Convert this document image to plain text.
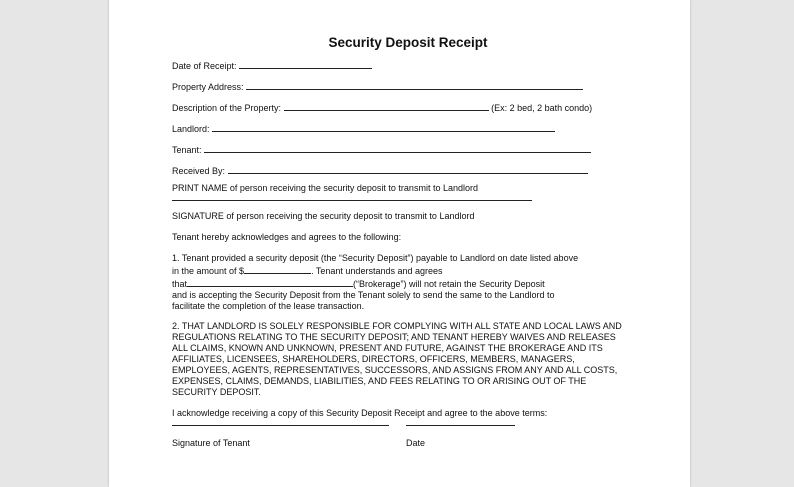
Security Deposit Receipt
Date of Receipt:
Property Address:
Description of the Property:	(Ex: 2 bed, 2 bath condo)
Landlord:
Tenant:
Received By:

PRINT NAME of person receiving the security deposit to transmit to Landlord

SIGNATURE of person receiving the security deposit to transmit to Landlord

Tenant hereby acknowledges and agrees to the following:

1. Tenant provided a security deposit (the “Security Deposit”) payable to Landlord on date listed above
in the amount of $	. Tenant understands and agrees
that	(“Brokerage”) will not retain the Security Deposit
and is accepting the Security Deposit from the Tenant solely to send the same to the Landlord to
facilitate the completion of the lease transaction.

2. THAT LANDLORD IS SOLELY RESPONSIBLE FOR COMPLYING WITH ALL STATE AND LOCAL LAWS AND REGULATIONS RELATING TO THE SECURITY DEPOSIT; AND TENANT HEREBY WAIVES AND RELEASES ALL CLAIMS, KNOWN AND UNKNOWN, PRESENT AND FUTURE, AGAINST THE BROKERAGE AND ITS AFFILIATES, LICENSEES, SHAREHOLDERS, DIRECTORS, OFFICERS, MEMBERS, MANAGERS, EMPLOYEES, AGENTS, REPRESENTATIVES, SUCCESSORS, AND ASSIGNS FROM ANY AND ALL COSTS, EXPENSES, CLAIMS, DEMANDS, LIABILITIES, AND FEES RELATING TO OR ARISING OUT OF THE SECURITY DEPOSIT.

I acknowledge receiving a copy of this Security Deposit Receipt and agree to the above terms:

Signature of Tenant	Date
